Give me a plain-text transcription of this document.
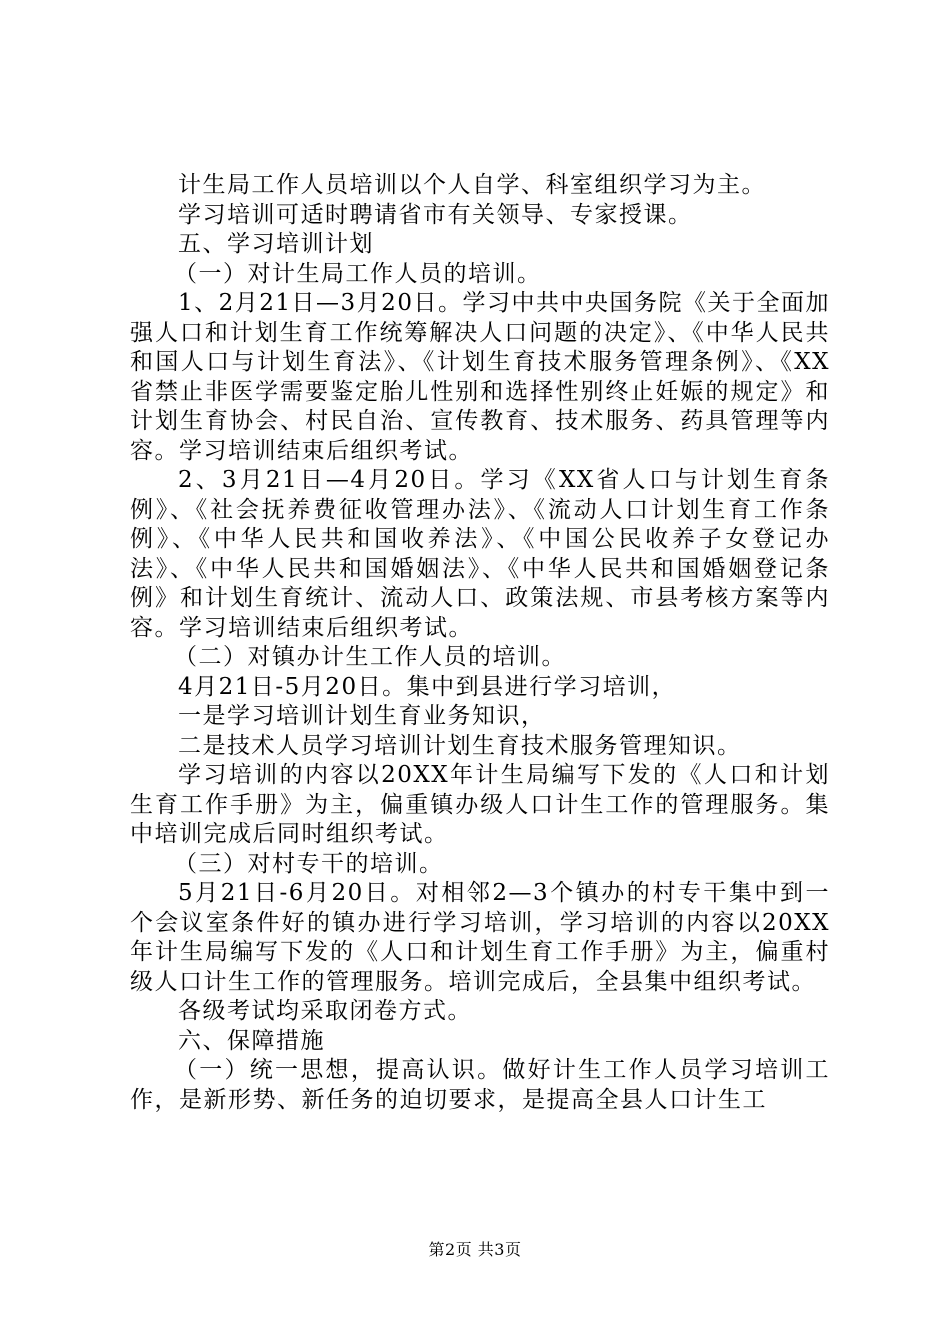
计生局工作人员培训以个人自学、科室组织学习为主。

学习培训可适时聘请省市有关领导、专家授课。

五、学习培训计划

（一）对计生局工作人员的培训。

1、2月21日—3月20日。学习中共中央国务院《关于全面加强人口和计划生育工作统筹解决人口问题的决定》、《中华人民共和国人口与计划生育法》、《计划生育技术服务管理条例》、《XX省禁止非医学需要鉴定胎儿性别和选择性别终止妊娠的规定》和计划生育协会、村民自治、宣传教育、技术服务、药具管理等内容。学习培训结束后组织考试。

2、3月21日—4月20日。学习《XX省人口与计划生育条例》、《社会抚养费征收管理办法》、《流动人口计划生育工作条例》、《中华人民共和国收养法》、《中国公民收养子女登记办法》、《中华人民共和国婚姻法》、《中华人民共和国婚姻登记条例》和计划生育统计、流动人口、政策法规、市县考核方案等内容。学习培训结束后组织考试。

（二）对镇办计生工作人员的培训。

4月21日-5月20日。集中到县进行学习培训，

一是学习培训计划生育业务知识，

二是技术人员学习培训计划生育技术服务管理知识。

学习培训的内容以20XX年计生局编写下发的《人口和计划生育工作手册》为主，偏重镇办级人口计生工作的管理服务。集中培训完成后同时组织考试。

（三）对村专干的培训。

5月21日-6月20日。对相邻2—3个镇办的村专干集中到一个会议室条件好的镇办进行学习培训，学习培训的内容以20XX年计生局编写下发的《人口和计划生育工作手册》为主，偏重村级人口计生工作的管理服务。培训完成后，全县集中组织考试。

各级考试均采取闭卷方式。

六、保障措施

（一）统一思想，提高认识。做好计生工作人员学习培训工作，是新形势、新任务的迫切要求，是提高全县人口计生工

第2页 共3页
